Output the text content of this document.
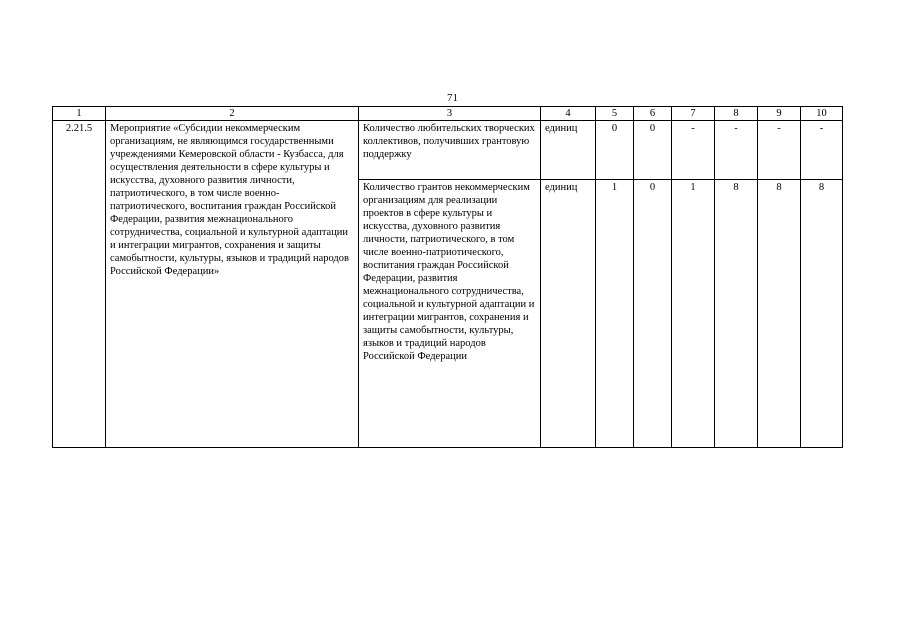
71
1	2	3	4	5	6	7	8	9	10
2.21.5	Мероприятие «Субсидии некоммерческим организациям, не являющимся государственными учреждениями Кемеровской области - Кузбасса, для осуществления деятельности в сфере культуры и искусства, духовного развития личности, патриотического, в том числе военно-патриотического, воспитания граждан Российской Федерации, развития межнационального сотрудничества, социальной и культурной адаптации и интеграции мигрантов, сохранения и защиты самобытности, культуры, языков и традиций народов Российской Федерации»	Количество любительских творческих коллективов, получивших грантовую поддержку	единиц	0	0	-	-	-	-
		Количество грантов некоммерческим организациям для реализации проектов в сфере культуры и искусства, духовного развития личности, патриотического, в том числе военно-патриотического, воспитания граждан Российской Федерации, развития межнационального сотрудничества, социальной и культурной адаптации и интеграции мигрантов, сохранения и защиты самобытности, культуры, языков и традиций народов Российской Федерации	единиц	1	0	1	8	8	8
